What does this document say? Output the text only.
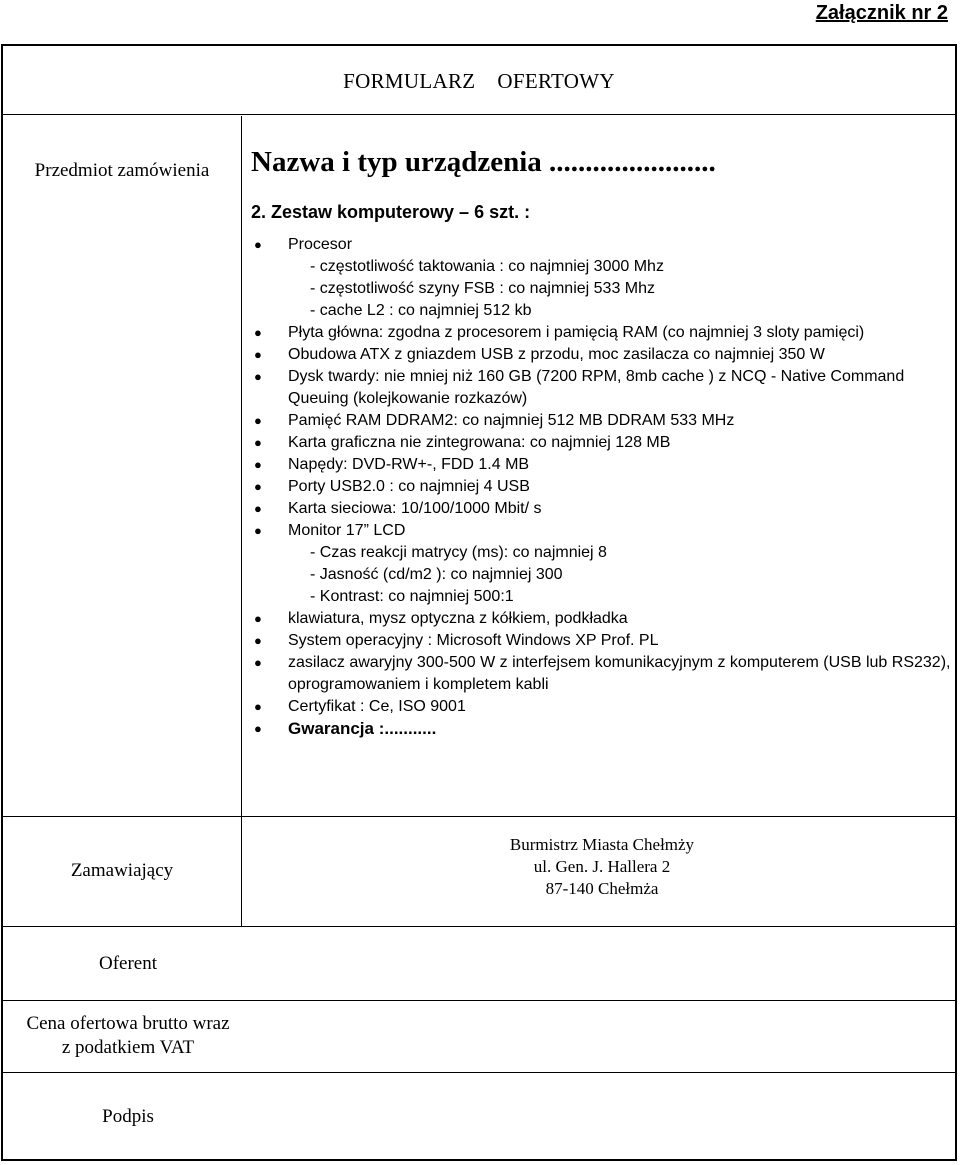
Załącznik nr 2
FORMULARZ OFERTOWY
Przedmiot zamówienia	Nazwa i typ urządzenia .......................
2. Zestaw komputerowy – 6 szt. :
● Procesor
- częstotliwość taktowania : co najmniej 3000 Mhz
- częstotliwość szyny FSB : co najmniej 533 Mhz
- cache L2 : co najmniej 512 kb
● Płyta główna: zgodna z procesorem i pamięcią RAM (co najmniej 3 sloty pamięci)
● Obudowa ATX z gniazdem USB z przodu, moc zasilacza co najmniej 350 W
● Dysk twardy: nie mniej niż 160 GB (7200 RPM, 8mb cache ) z NCQ - Native Command Queuing (kolejkowanie rozkazów)
● Pamięć RAM DDRAM2: co najmniej 512 MB DDRAM 533 MHz
● Karta graficzna nie zintegrowana: co najmniej 128 MB
● Napędy: DVD-RW+-, FDD 1.4 MB
● Porty USB2.0 : co najmniej 4 USB
● Karta sieciowa: 10/100/1000 Mbit/ s
● Monitor 17” LCD
- Czas reakcji matrycy (ms): co najmniej 8
- Jasność (cd/m2 ): co najmniej 300
- Kontrast: co najmniej 500:1
● klawiatura, mysz optyczna z kółkiem, podkładka
● System operacyjny : Microsoft Windows XP Prof. PL
● zasilacz awaryjny 300-500 W z interfejsem komunikacyjnym z komputerem (USB lub RS232), oprogramowaniem i kompletem kabli
● Certyfikat : Ce, ISO 9001
● Gwarancja :...........
Zamawiający
Burmistrz Miasta Chełmży
ul. Gen. J. Hallera 2
87-140 Chełmża
Oferent
Cena ofertowa brutto wraz
z podatkiem VAT
Podpis
